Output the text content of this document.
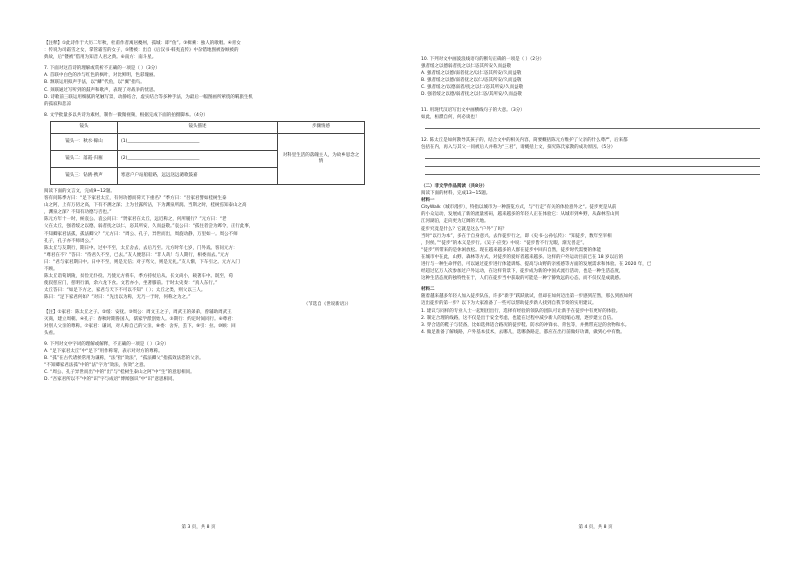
【注释】①此诗作于大历二年秋，杜甫作者寓居夔州，孤城：即“鱼”。③楫乘：独人的歌唱。④青女

：传说为司霜雪之女，掌管霜雪的女子，⑤镂被：出自《后汉书·韩夷直传》中杂错地图被眷顾被的

典故，后“镂被”借用为知音人君之典。⑥南方：南斗星。

7. 下面对这首诗的理解或赏析不正确的一项是（ ）（3分）

A. 首联中白色的沙与红色的枫叶，对比鲜明，色彩瑰丽。

B. 颔联运用拟声手法，以“鳞”代鱼，以“翼”指鸟。

C. 颈联通过写听到的鼓声和歌声，表现了对战争的忧思。

D. 诗歌前三联运用细腻的笔触写景，动静结合，虚实结合等多种手法，为最后一幅图画所萦绕的羁旅生机

的孤寂和悲凉

8. 文学批量多以共诗为素材，制作一微微视频，根据完成下面的拍摄脚本。（4分）

镜头	镜头描述	步骤情感
镜头一：秋水·鲸山	(1)________________________________	对科里生活的落魄主人，为故乡思念之情
镜头二：落霞·归雁	(2)________________________________	
镜头三：钻鸥·携声	寒意户户站船船路，远远送远谴歌鼓嘉	

阅读下面的文言文，完成9~12题。

客有问陈季方曰：“足下家君太丘，有何功德而荷天下重名？”季方曰：“吾家君譬如桂树生泰

山之阿，上有万仞之高，下有不测之深；上为甘露所沾，下为渊泉所润。当斯之时，桂树焉知泰山之高

，渊泉之深？不知有功德与否也。”

陈元方年十一时，候袁公。袁公问曰：“贤家君在太丘，远近称之，何所履行？”元方曰：“老

父在太丘，强者绥之以德，弱者抚之以仁，恣其所安，久而益敬。”袁公曰：“孤往者尝为邺令，正行此事，

不知卿家君法孤，孤法卿父？”元方曰：“周公、孔子，异世而出，周旋动静，万里如一。周公不师

孔子，孔子亦不师周公。”

陈太丘与友期行，期日中。过中不至，太丘舍去，去后乃至。元方时年七岁，门外戏。客问元方：

“尊君在不？”答曰：“待君久不至，已去。”友人便怒曰：“非人哉！与人期行，相委而去。”元方

曰：“君与家君期日中。日中不至，则是无信；对子骂父，则是无礼。”友人惭，下车引之。元方入门

不顾。

陈太丘诣荀朗陵，贫俭无仆役。乃使元方将车，季方持杖后从。长文尚小，载著车中。既至，荀

使叔慈应门，慈明行酒，余六龙下食。文若亦小，坐著膝前。于时太史奏：“真人东行。”

太丘答曰：“如足下方之，家君与天下不可以不知”（ ）；太丘之类，则父以三人。

陈曰：“足下家君何如？”对曰：“先出以为称，无乃一于时，何称之为之。”

（节选自《世说新语》）

【注】①家君：陈太丘之子。②绥：安抚。③周公：周文王之子，周武王的弟弟，曾辅助周武王

灭商，建立周朝。④孔子：春秋时期鲁国人，儒家学派创始人。⑤期行：约定时间同行。⑥尊君：

对别人父亲的尊称。⑦家君：谦词，对人称自己的父亲。⑧委：舍弃，丢下。⑨引：拉。⑩顾：回

头看。

9. 下列对文中字词的理解或解释，不正确的一项是（ ）（3分）

A. “足下家君太丘”中“足下”用作称谓，表示对对方的尊称。

B. “孤”在古代诸侯常用为谦称，“法”指“效法”，“孤法卿父”指孤效法您的父亲。

“不知卿家君法孤”中的“法”字为“效法，仿效”之意。

C. “周公、孔子异世而出”中的“出”与“桂树生泰山之阿”中“生”的意思相同。

D. “吾家君所以不”中的“识”字与成语“博闻强识”中“识”意思相同。

第 3 页，共 8 页

10. 下列对文中画波浪线语句的断句正确的一项是（ ）（2分）

强者绥之以德弱者抚之以仁恣其所安久而益敬

A. 强者绥之以德/弱者抚之/以仁恣其所安/久而益敬

B. 强者绥之以德/弱者抚之以仁/恣其所安/久而益敬

C. 强者绥之/以德弱者/抚之以仁/恣其所安/久而益敬

D. 强者绥之以德/弱者抚之以仁恣/其所安/久而益敬

11. 用现代汉语写出文中画横线句子的大意。（3分）

如此，桓濮自何，何必谈也！

12. 陈太丘是如何教导其孩子的，结合文中的相关内容，简要概括陈元方维护了父亲的什么尊严，后来都

包括在内，再入与其父一同被后人并称为“三君”，请概括上文，探究陈氏家教的成功原因。（5分）

（二）非文学作品阅读（共8分）

阅读下面的材料，完成13~15题。

材料一

CityWalk（城市漫步），特指以城市为一种游览方式，与“行走”有关的体验意外之“。徒步更是从前

的小众运动，发展成了新的流量密码，越来越多的年轻人正在体验它：从城市到乡野，从森林雪山到

江河湖泊，走向更为辽阔的天地。

徒步究竟是什么？它就是这么“户外”了吗？

当时“以行为本”，多在于自身意兴。去作徒步行之，即《史书·公孙弘传》：“知徒步，数年至宰相

，封侯。”“徒步”的本义是步行。《吴子·应变》中说：“徒步皆不行无暇，渐无兽走”。

“徒步”所带来的是休闲放松。现在越来越多的人群在徒步中回归自然，徒步时代需要的体能

在城市中在此，山野、森林等方式，对徒步的爱好者越来越多。这样的户外运动目前已在 18 岁以后的

进行与一种生命伴侣，可以通过徒步进行体能训练、提高与山野的亲密感等方面的发展需求和体验。在 2020 年，已

经超过亿万人次参加过户外运动，在这样背景下，徒步成为新的中国式流行活动，也是一种生活态度，

这种生活态度的独特性在于，人们在徒步当中获取的可能是一种宁静致远的心态，而不仅仅是成就感。

材料二

随着越来越多年轻人加入徒步队伍，许多“新手”跃跃欲试，但却在如何迈出第一步感到茫然，那么到底如何

迈出徒步的第一步？以下为大家准备了一些可以帮助徒步新人找到自我节奏的实用建议。

1. 建议与同样的专业人士一起组团出行，选择有经验的领队的团队可让新手在徒步中有更好的体验。

2. 制定合理的线路，这不仅是出于安全考虑，也能在过程中减少新人的退缩心理，逐步建立自信。

3. 穿合适的鞋子与装备，比如选择适合路况的徒步鞋、防水的冲锋衣、背包等，并携带充足的食物和水。

4. 做足准备了解线路，户外基本技术，去哪儿，选哪条路走，都应在出行前做好功课，做到心中有数。

第 4 页，共 8 页
